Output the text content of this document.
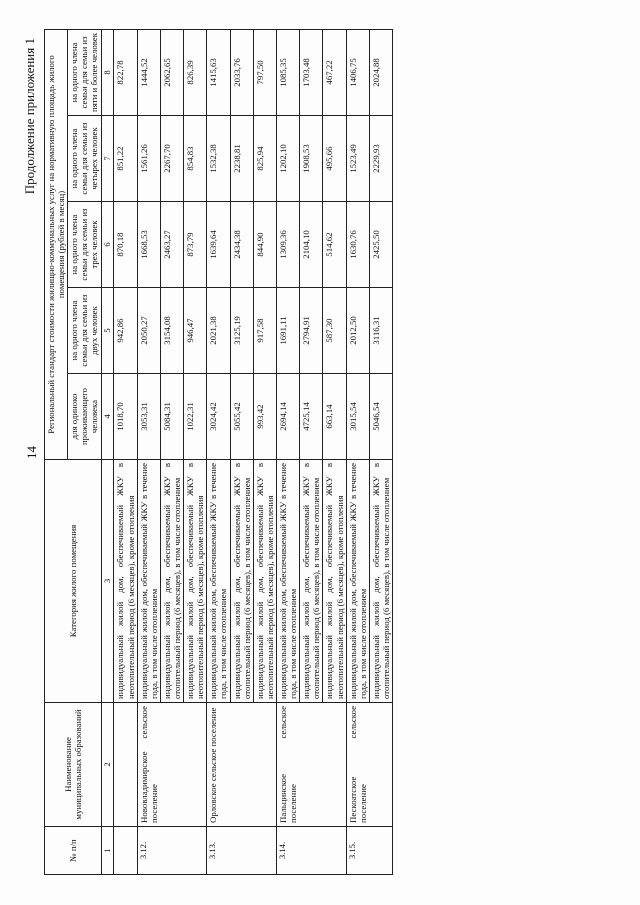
14
Продолжение приложения 1
№ п/п	Наименование муниципальных образований	Категория жилого помещения	Региональный стандарт стоимости жилищно-коммунальных услуг на нормативную площадь жилого помещения (рублей в месяц)				
			для одиноко проживающего человека	на одного члена семьи для семьи из двух человек	на одного члена семьи для семьи из трех человек	на одного члена семьи для семьи из четырех человек	на одного члена семьи для семьи из пяти и более человек
1	2	3	4	5	6	7	8
		индивидуальный жилой дом, обеспечиваемый ЖКУ в неотопительный период (6 месяцев), кроме отопления	1018,70	942,86	870,18	851,22	822,78
3.12.	Нововладимирское сельское поселение	индивидуальный жилой дом, обеспечиваемый ЖКУ в течение года, в том числе отоплением	3053,31	2050,27	1668,53	1561,26	1444,52
		индивидуальный жилой дом, обеспечиваемый ЖКУ в отопительный период (6 месяцев), в том числе отоплением	5084,31	3154,08	2463,27	2267,70	2062,65
		индивидуальный жилой дом, обеспечиваемый ЖКУ в неотопительный период (6 месяцев), кроме отопления	1022,31	946,47	873,79	854,83	826,39
3.13.	Орловское сельское поселение	индивидуальный жилой дом, обеспечиваемый ЖКУ в течение года, в том числе отоплением	3024,42	2021,38	1639,64	1532,38	1415,63
		индивидуальный жилой дом, обеспечиваемый ЖКУ в отопительный период (6 месяцев), в том числе отоплением	5055,42	3125,19	2434,38	2238,81	2033,76
		индивидуальный жилой дом, обеспечиваемый ЖКУ в неотопительный период (6 месяцев), кроме отопления	993,42	917,58	844,90	825,94	797,50
3.14.	Пальцинское сельское поселение	индивидуальный жилой дом, обеспечиваемый ЖКУ в течение года, в том числе отоплением	2694,14	1691,11	1309,36	1202,10	1085,35
		индивидуальный жилой дом, обеспечиваемый ЖКУ в отопительный период (6 месяцев), в том числе отоплением	4725,14	2794,91	2104,10	1908,53	1703,48
		индивидуальный жилой дом, обеспечиваемый ЖКУ в неотопительный период (6 месяцев), кроме отопления	663,14	587,30	514,62	495,66	467,22
3.15.	Пескоатское сельское поселение	индивидуальный жилой дом, обеспечиваемый ЖКУ в течение года, в том числе отоплением	3015,54	2012,50	1630,76	1523,49	1406,75
		индивидуальный жилой дом, обеспечиваемый ЖКУ в отопительный период (6 месяцев), в том числе отоплением	5046,54	3116,31	2425,50	2229,93	2024,88
